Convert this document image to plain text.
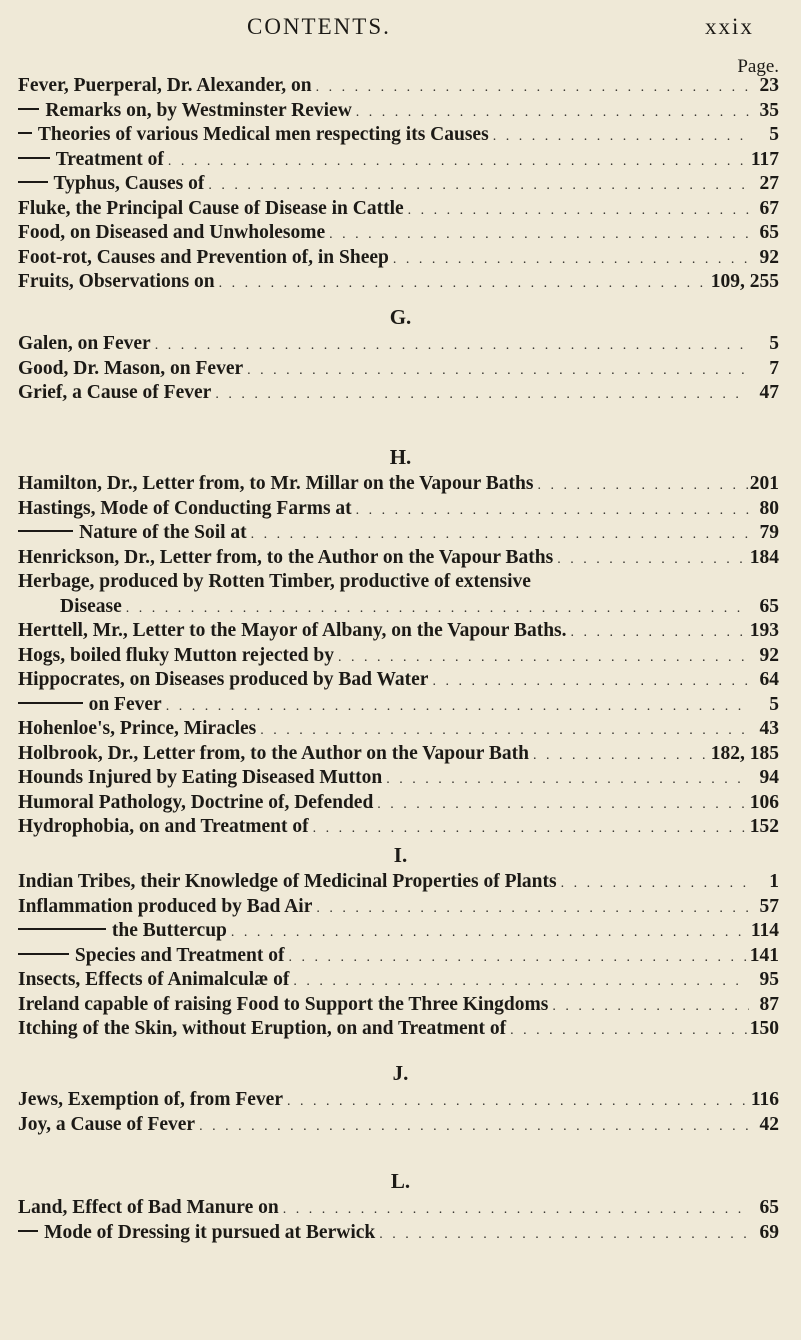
CONTENTS.	xxix
Page.
Fever, Puerperal, Dr. Alexander, on . . .	23
Remarks on, by Westminster Review . . .	35
Theories of various Medical men respecting its Causes . . .	5
Treatment of . . .	117
Typhus, Causes of . . .	27
Fluke, the Principal Cause of Disease in Cattle . . .	67
Food, on Diseased and Unwholesome . . .	65
Foot-rot, Causes and Prevention of, in Sheep . . .	92
Fruits, Observations on . . .	109, 255
G.
Galen, on Fever . . .	5
Good, Dr. Mason, on Fever . . .	7
Grief, a Cause of Fever . . .	47
H.
Hamilton, Dr., Letter from, to Mr. Millar on the Vapour Baths . . .	201
Hastings, Mode of Conducting Farms at . . .	80
Nature of the Soil at . . .	79
Henrickson, Dr., Letter from, to the Author on the Vapour Baths . . .	184
Herbage, produced by Rotten Timber, productive of extensive
Disease . . .	65
Herttell, Mr., Letter to the Mayor of Albany, on the Vapour Baths. . . .	193
Hogs, boiled fluky Mutton rejected by . . .	92
Hippocrates, on Diseases produced by Bad Water . . .	64
on Fever . . .	5
Hohenloe's, Prince, Miracles . . .	43
Holbrook, Dr., Letter from, to the Author on the Vapour Bath . . .	182, 185
Hounds Injured by Eating Diseased Mutton . . .	94
Humoral Pathology, Doctrine of, Defended . . .	106
Hydrophobia, on and Treatment of . . .	152
I.
Indian Tribes, their Knowledge of Medicinal Properties of Plants . . .	1
Inflammation produced by Bad Air . . .	57
the Buttercup . . .	114
Species and Treatment of . . .	141
Insects, Effects of Animalculæ of . . .	95
Ireland capable of raising Food to Support the Three Kingdoms . . .	87
Itching of the Skin, without Eruption, on and Treatment of . . .	150
J.
Jews, Exemption of, from Fever . . .	116
Joy, a Cause of Fever . . .	42
L.
Land, Effect of Bad Manure on . . .	65
Mode of Dressing it pursued at Berwick . . .	69
